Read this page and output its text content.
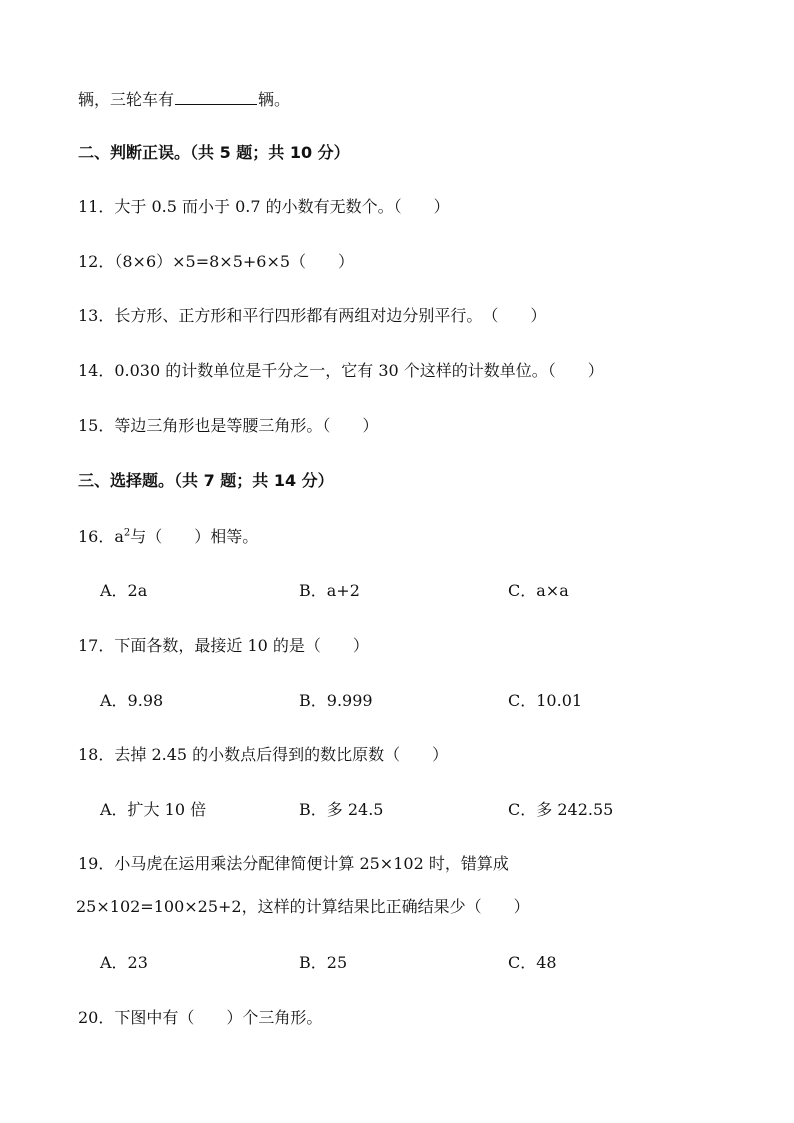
辆，三轮车有	辆。
二、判断正误。（共 5 题；共 10 分）
11．大于 0.5 而小于 0.7 的小数有无数个。（　　）
12．（8×6）×5=8×5+6×5（　　）
13．长方形、正方形和平行四形都有两组对边分别平行。　（　　）
14．0.030 的计数单位是千分之一，它有 30 个这样的计数单位。（　　）
15．等边三角形也是等腰三角形。（　　）
三、选择题。（共 7 题；共 14 分）
16．$a^2$与（　　）相等。
A．2a	B．a+2	C．a×a
17．下面各数，最接近 10 的是（　　）
A．9.98	B．9.999	C．10.01
18．去掉 2.45 的小数点后得到的数比原数（　　）
A．扩大 10 倍	B．多 24.5	C．多 242.55
19．小马虎在运用乘法分配律简便计算 25×102 时，错算成
25×102=100×25+2，这样的计算结果比正确结果少（　　）
A．23	B．25	C．48
20．下图中有（　　）个三角形。
